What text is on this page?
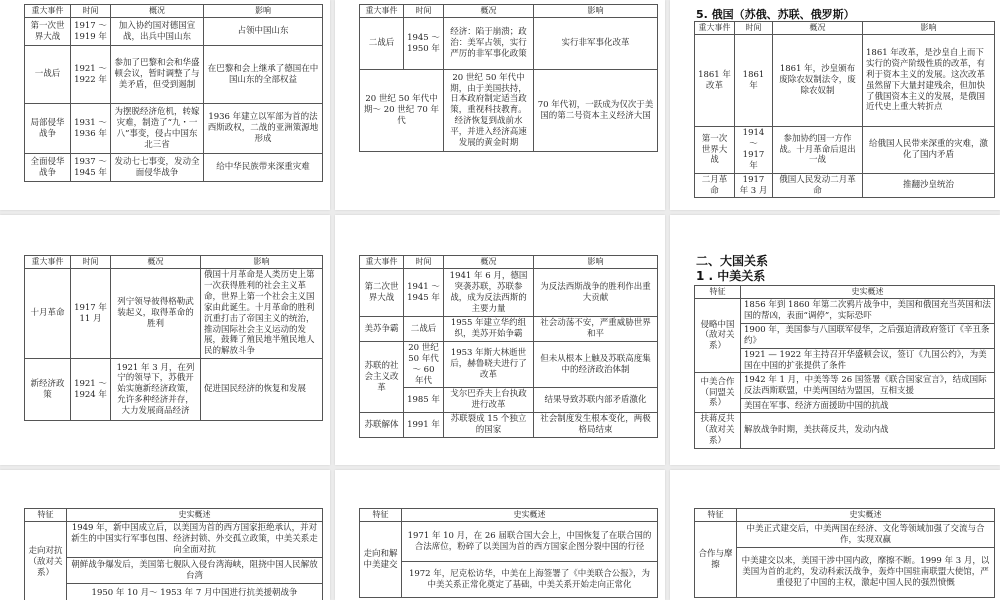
重大事件	时间	概况	影响
第一次世界大战	1917 ～ 1919 年	加入协约国对德国宣战，出兵中国山东	占领中国山东
一战后	1921 ～ 1922 年	参加了巴黎和会和华盛顿会议，暂时调整了与美矛盾，但受到遏制	在巴黎和会上继承了德国在中国山东的全部权益
局部侵华战争	1931 ～ 1936 年	为摆脱经济危机，转嫁灾难，制造了“九・一八”事变，侵占中国东北三省	1936 年建立以军部为首的法西斯政权，二战的亚洲策源地形成
全面侵华战争	1937 ～ 1945 年	发动七七事变，发动全面侵华战争	给中华民族带来深重灾难
重大事件	时间	概况	影响
二战后	1945 ～ 1950 年	经济：陷于崩溃；政治：美军占领，实行严厉的非军事化政策	实行非军事化改革
20 世纪 50 年代中期～ 20 世纪 70 年代		20 世纪 50 年代中期，由于美国扶持，日本政府制定适当政策，重视科技教育。经济恢复到战前水平，并进入经济高速发展的黄金时期	70 年代初，一跃成为仅次于美国的第二号资本主义经济大国
5. 俄国（苏俄、苏联、俄罗斯）
重大事件	时间	概况	影响
1861 年改革	1861 年	1861 年，沙皇颁布废除农奴制法令，废除农奴制	1861 年改革，是沙皇自上而下实行的资产阶级性质的改革，有利于资本主义的发展。这次改革虽然留下大量封建残余，但加快了俄国资本主义的发展，是俄国近代史上重大转折点
第一次世界大战	1914 ～ 1917 年	参加协约国一方作战。十月革命后退出一战	给俄国人民带来深重的灾难，激化了国内矛盾
二月革命	1917 年 3 月	俄国人民发动二月革命	推翻沙皇统治
重大事件	时间	概况	影响
十月革命	1917 年 11 月	列宁领导彼得格勒武装起义，取得革命的胜利	俄国十月革命是人类历史上第一次获得胜利的社会主义革命，世界上第一个社会主义国家由此诞生。十月革命的胜利沉重打击了帝国主义的统治，推动国际社会主义运动的发展，鼓舞了殖民地半殖民地人民的解放斗争
新经济政策	1921 ～ 1924 年	1921 年 3 月，在列宁的领导下，苏俄开始实施新经济政策，允许多种经济并存，大力发展商品经济	促进国民经济的恢复和发展
重大事件	时间	概况	影响
第二次世界大战	1941 ～ 1945 年	1941 年 6 月，德国突袭苏联，苏联参战，成为反法西斯的主要力量	为反法西斯战争的胜利作出重大贡献
美苏争霸	二战后	1955 年建立华约组织，美苏开始争霸	社会动荡不安，严重威胁世界和平
苏联的社会主义改革	20 世纪 50 年代～ 60 年代	1953 年斯大林逝世后，赫鲁晓夫进行了改革	但未从根本上触及苏联高度集中的经济政治体制
	1985 年	戈尔巴乔夫上台执政进行改革	结果导致苏联内部矛盾激化
苏联解体	1991 年	苏联裂成 15 个独立的国家	社会制度发生根本变化，两极格局结束
二、大国关系
1 . 中美关系
特征	史实概述
侵略中国（敌对关系）	1856 年到 1860 年第二次鸦片战争中，美国和俄国充当英国和法国的帮凶，表面“调停”，实际恐吓
	1900 年，美国参与八国联军侵华，之后强迫清政府签订《辛丑条约》
	1921 — 1922 年主持召开华盛顿会议，签订《九国公约》，为美国在中国的扩张提供了条件
中美合作（同盟关系）	1942 年 1 月，中美等等 26 国签署《联合国家宣言》，结成国际反法西斯联盟，中美两国结为盟国，互相支援
	美国在军事、经济方面援助中国的抗战
扶蒋反共（敌对关系）	解放战争时期，美扶蒋反共，发动内战
特征	史实概述
走向对抗（敌对关系）	1949 年，新中国成立后，以美国为首的西方国家拒绝承认，并对新生的中国实行军事包围、经济封锁、外交孤立政策，中美关系走向全面对抗
	朝鲜战争爆发后，美国第七舰队入侵台湾海峡，阻挠中国人民解放台湾
	1950 年 10 月～ 1953 年 7 月中国进行抗美援朝战争
特征	史实概述
走向和解中美建交	1971 年 10 月，在 26 届联合国大会上，中国恢复了在联合国的合法席位，粉碎了以美国为首的西方国家企图分裂中国的行径
	1972 年，尼克松访华，中美在上海签署了《中美联合公报》，为中美关系正常化奠定了基础，中美关系开始走向正常化
特征	史实概述
合作与摩擦	中美正式建交后，中美两国在经济、文化等领域加强了交流与合作，实现双赢
	中美建交以来，美国干涉中国内政，摩擦不断。1999 年 3 月，以美国为首的北约，发动科索沃战争，轰炸中国驻南联盟大使馆，严重侵犯了中国的主权，激起中国人民的强烈愤慨
